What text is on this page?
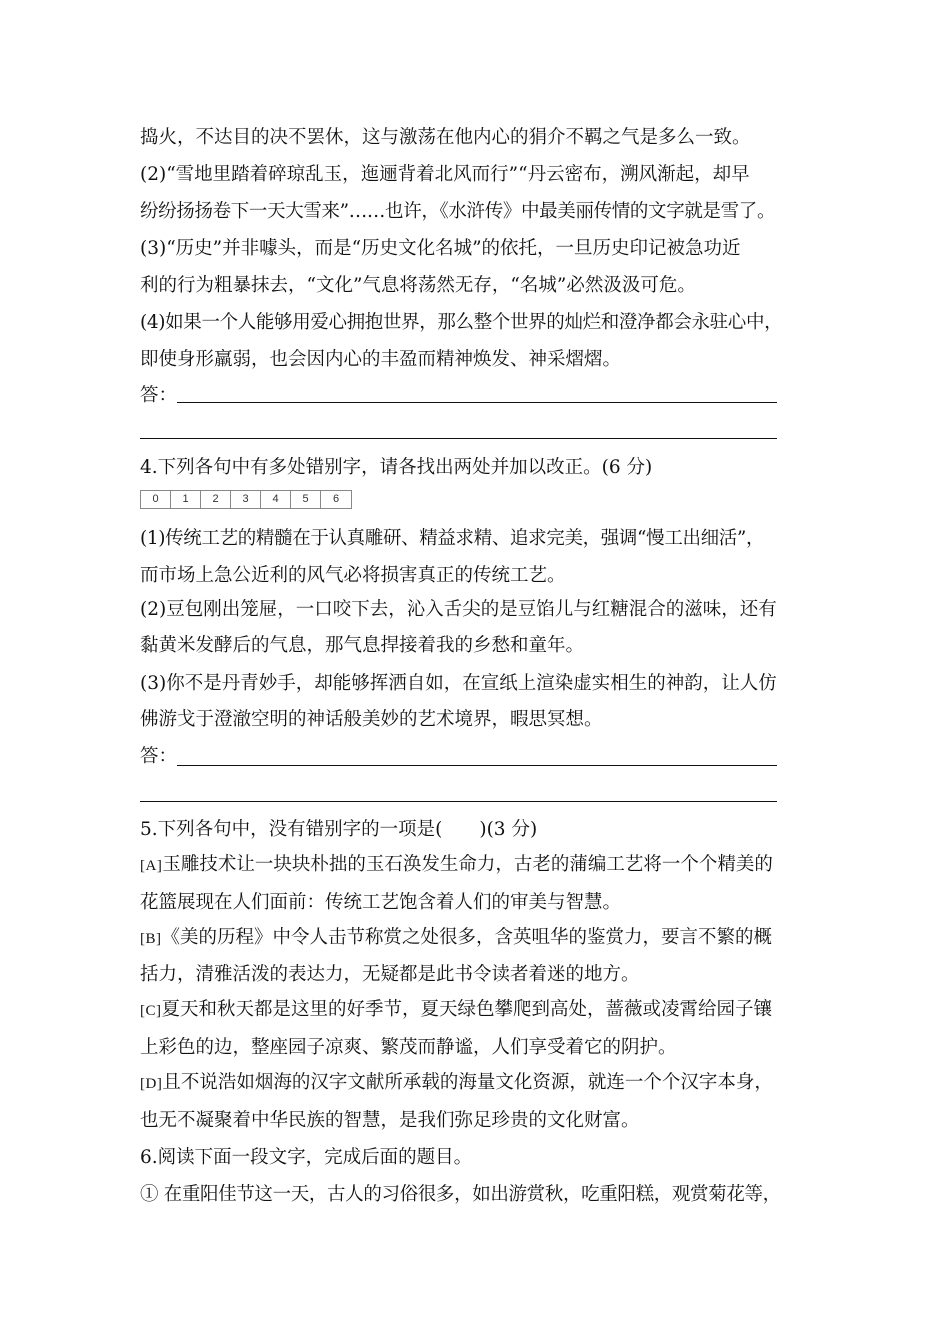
捣火，不达目的决不罢休，这与激荡在他内心的狷介不羁之气是多么一致。
(2)“雪地里踏着碎琼乱玉，迤逦背着北风而行”“丹云密布，溯风渐起，却早
纷纷扬扬卷下一天大雪来”……也许，《水浒传》中最美丽传情的文字就是雪了。
(3)“历史”并非噱头，而是“历史文化名城”的依托，一旦历史印记被急功近
利的行为粗暴抹去，“文化”气息将荡然无存，“名城”必然汲汲可危。
(4)如果一个人能够用爱心拥抱世界，那么整个世界的灿烂和澄净都会永驻心中，
即使身形羸弱，也会因内心的丰盈而精神焕发、神采熠熠。
答：
4.下列各句中有多处错别字，请各找出两处并加以改正。(6 分)
0	1	2	3	4	5	6
(1)传统工艺的精髓在于认真雕研、精益求精、追求完美，强调“慢工出细活”，
而市场上急公近利的风气必将损害真正的传统工艺。
(2)豆包刚出笼屉，一口咬下去，沁入舌尖的是豆馅儿与红糖混合的滋味，还有
黏黄米发酵后的气息，那气息捍接着我的乡愁和童年。
(3)你不是丹青妙手，却能够挥洒自如，在宣纸上渲染虚实相生的神韵，让人仿
佛游戈于澄澈空明的神话般美妙的艺术境界，暇思冥想。
答：
5.下列各句中，没有错别字的一项是(　　)(3 分)
[A]玉雕技术让一块块朴拙的玉石涣发生命力，古老的蒲编工艺将一个个精美的
花篮展现在人们面前：传统工艺饱含着人们的审美与智慧。
[B]《美的历程》中令人击节称赏之处很多，含英咀华的鉴赏力，要言不繁的概
括力，清雅活泼的表达力，无疑都是此书令读者着迷的地方。
[C]夏天和秋天都是这里的好季节，夏天绿色攀爬到高处，蔷薇或凌霄给园子镶
上彩色的边，整座园子凉爽、繁茂而静谧，人们享受着它的阴护。
[D]且不说浩如烟海的汉字文献所承载的海量文化资源，就连一个个汉字本身，
也无不凝聚着中华民族的智慧，是我们弥足珍贵的文化财富。
6.阅读下面一段文字，完成后面的题目。
① 在重阳佳节这一天，古人的习俗很多，如出游赏秋，吃重阳糕，观赏菊花等，
